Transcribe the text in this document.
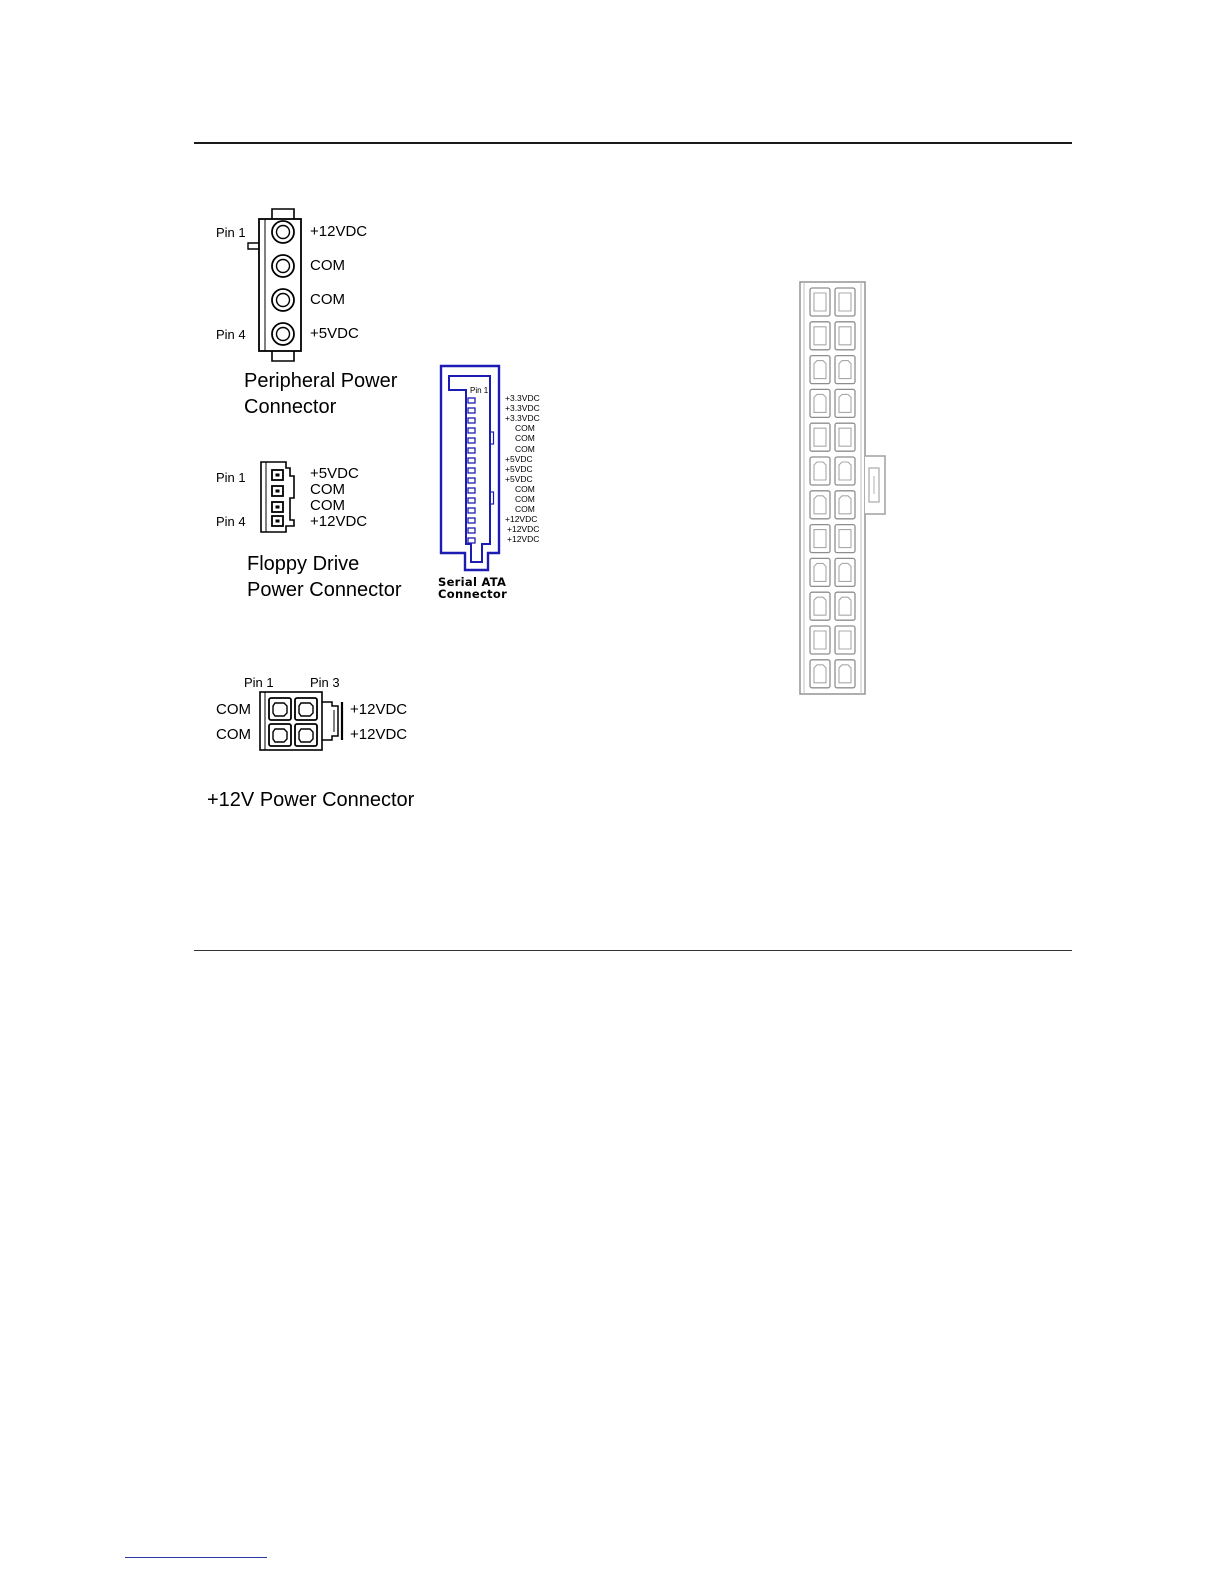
Pin 1
Pin 4
+12VDC
COM
COM
+5VDC
Peripheral Power
Connector
Pin 1
Pin 4
+5VDC
COM
COM
+12VDC
Floppy Drive
Power Connector
Pin 1
+3.3VDC
+3.3VDC
+3.3VDC
COM
COM
COM
+5VDC
+5VDC
+5VDC
COM
COM
COM
+12VDC
+12VDC
+12VDC
Serial ATA
Connector
Pin 1	Pin 3
COM
COM
+12VDC
+12VDC
+12V Power Connector
